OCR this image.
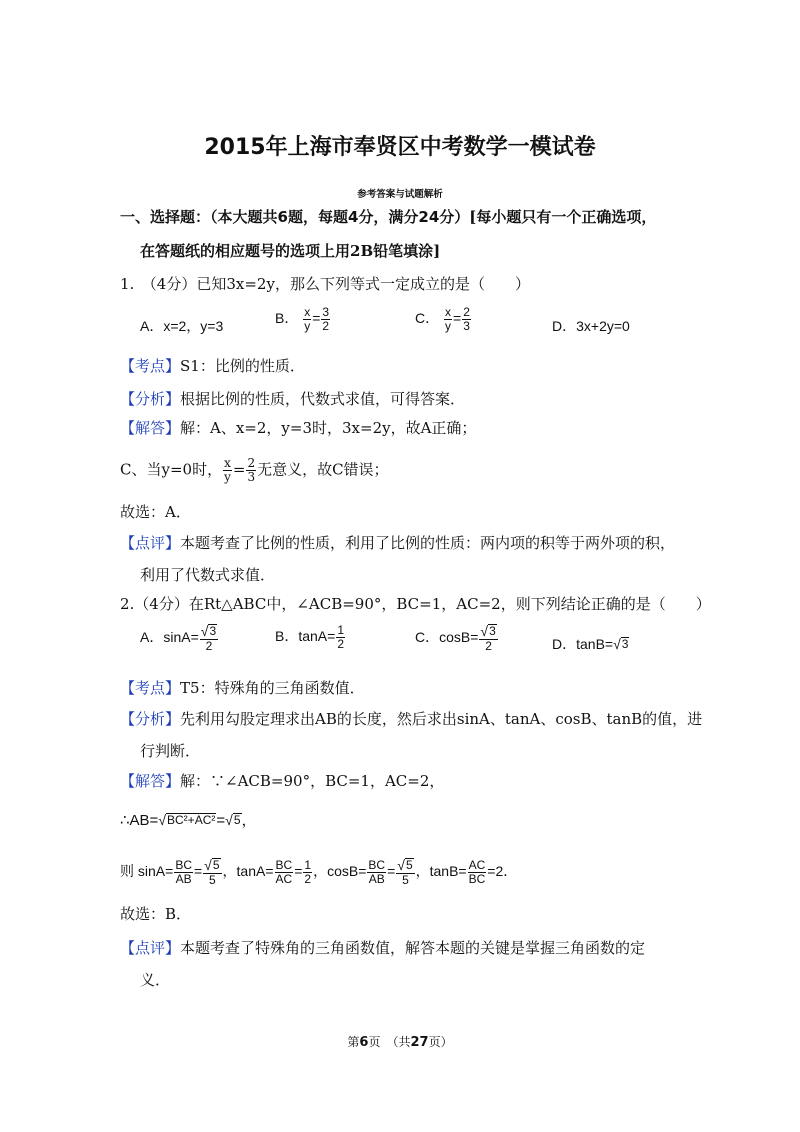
2015年上海市奉贤区中考数学一模试卷
参考答案与试题解析
一、选择题：（本大题共6题，每题4分，满分24分）[每小题只有一个正确选项，
在答题纸的相应题号的选项上用2B铅笔填涂]
1.　（4分）已知3x=2y，那么下列等式一定成立的是（　　）
A．x=2，y=3	B． $\frac{x}{y} = \frac{3}{2}$	C． $\frac{x}{y} = \frac{2}{3}$	D．3x+2y=0
【考点】S1：比例的性质．
【分析】根据比例的性质，代数式求值，可得答案．
【解答】解：A、x=2，y=3时，3x=2y，故A正确；
C、当y=0时， $\frac{x}{y} = \frac{2}{3}$ 无意义，故C错误；
故选：A．
【点评】本题考查了比例的性质，利用了比例的性质：两内项的积等于两外项的积，
利用了代数式求值．
2.（4分）在Rt△ABC中，∠ACB=90°，BC=1，AC=2，则下列结论正确的是（　　）
A．$\sin A= \frac{√ 3}{2}$	B．$\tan A= \frac{1}{2}$	C．$\cos B= \frac{√ 3}{2}$	D．tanB= √ 3
【考点】T5：特殊角的三角函数值．
【分析】先利用勾股定理求出AB的长度，然后求出sinA、tanA、cosB、tanB的值，进
行判断．
【解答】解：∵∠ACB=90°，BC=1，AC=2，
∴AB= √ BC²+AC² = √ 5 ，
则 $\sin A= \frac{BC}{AB} = \frac{√ 5}{5}$ ，$\tan A= \frac{BC}{AC} = \frac{1}{2}$ ，$\cos B= \frac{BC}{AB} = \frac{√ 5}{5}$ ，$\tan B= \frac{AC}{BC} =2$．
故选：B．
【点评】本题考查了特殊角的三角函数值，解答本题的关键是掌握三角函数的定
义．
第6页　（共27页）
